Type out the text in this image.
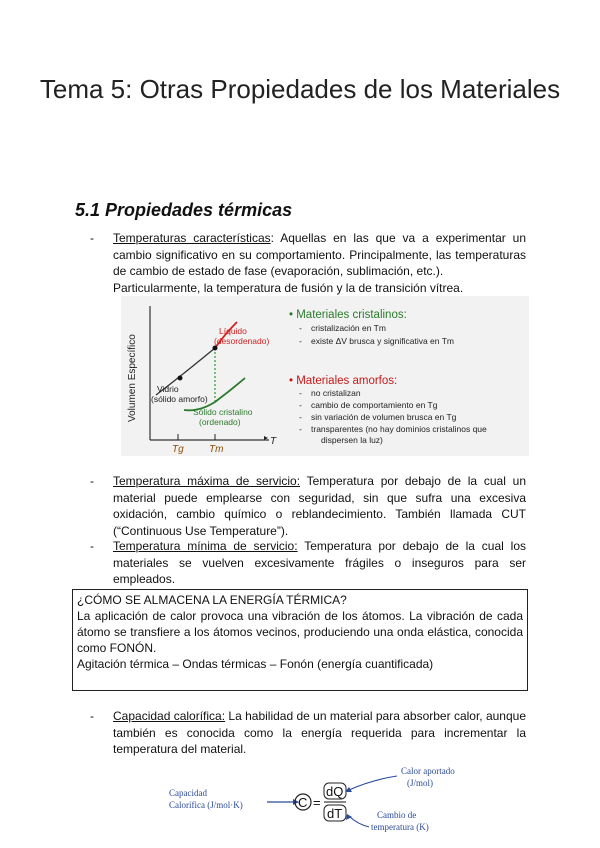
Tema 5: Otras Propiedades de los Materiales
5.1 Propiedades térmicas
- Temperaturas características: Aquellas en las que va a experimentar un cambio significativo en su comportamiento. Principalmente, las temperaturas de cambio de estado de fase (evaporación, sublimación, etc.).
Particularmente, la temperatura de fusión y la de transición vítrea.
Volumen Específico
T
Líquido
(desordenado)
Vidrio
(sólido amorfo)
Sólido cristalino
(ordenado)
Tg	Tm
• Materiales cristalinos:
- cristalización en Tm
- existe ΔV brusca y significativa en Tm
• Materiales amorfos:
- no cristalizan
- cambio de comportamiento en Tg
- sin variación de volumen brusca en Tg
- transparentes (no hay dominios cristalinos que
dispersen la luz)
- Temperatura máxima de servicio: Temperatura por debajo de la cual un material puede emplearse con seguridad, sin que sufra una excesiva oxidación, cambio químico o reblandecimiento. También llamada CUT (“Continuous Use Temperature”).
- Temperatura mínima de servicio: Temperatura por debajo de la cual los materiales se vuelven excesivamente frágiles o inseguros para ser empleados.

¿CÓMO SE ALMACENA LA ENERGÍA TÉRMICA?

La aplicación de calor provoca una vibración de los átomos. La vibración de cada átomo se transfiere a los átomos vecinos, produciendo una onda elástica, conocida como FONÓN.

Agitación térmica – Ondas térmicas – Fonón (energía cuantificada)

- Capacidad calorífica: La habilidad de un material para absorber calor, aunque también es conocida como la energía requerida para incrementar la temperatura del material.
Capacidad
Calorífica (J/mol·K)	C =
dQ
dT
Calor aportado
(J/mol)
Cambio de
temperatura (K)
